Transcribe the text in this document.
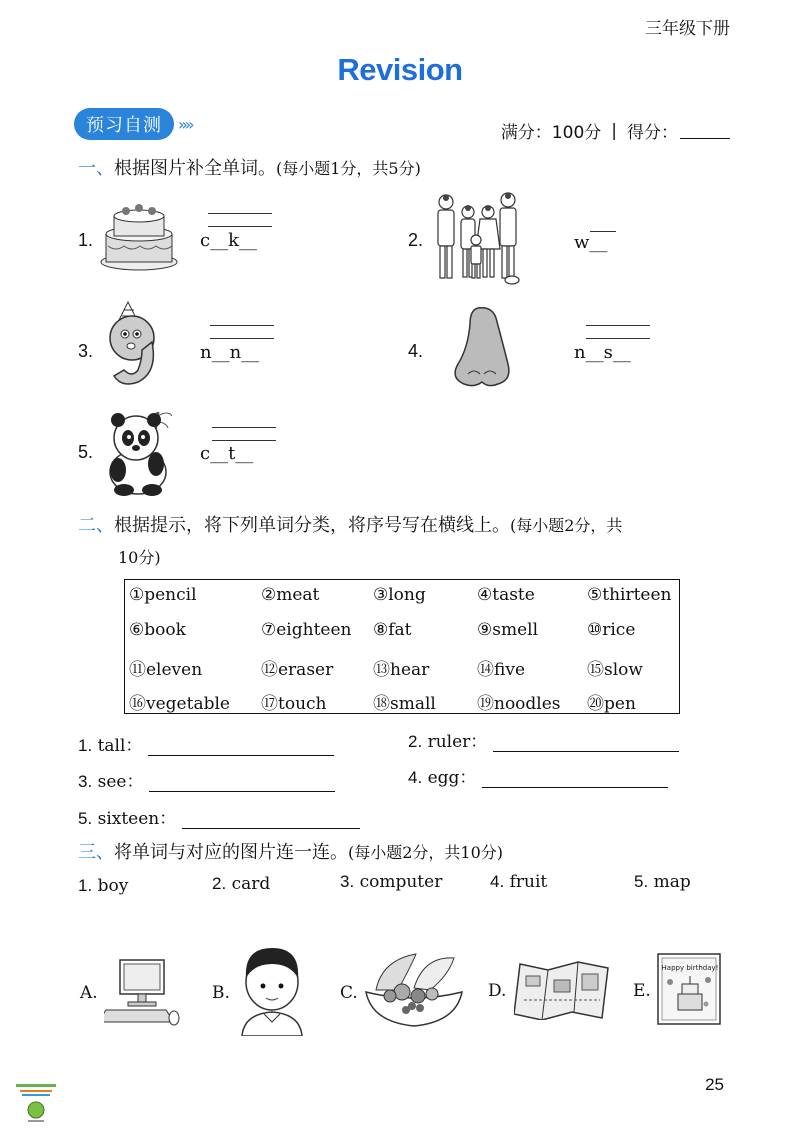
三年级下册
Revision
预习自测	»»	满分：100分 | 得分：
一、根据图片补全单词。(每小题1分，共5分)
1.	c__k__	2.	w__
3.	n__n__	4.	n__s__
5.	c__t__
二、根据提示，将下列单词分类，将序号写在横线上。(每小题2分，共
10分)
①pencil	②meat	③long	④taste	⑤thirteen
⑥book	⑦eighteen ⑧fat	⑨smell	⑩rice
⑪eleven	⑫eraser ⑬hear	⑭five	⑮slow
⑯vegetable ⑰touch	⑱small ⑲noodles ⑳pen
1. tall：	2. ruler：
3. see：	4. egg：
5. sixteen：
三、将单词与对应的图片连一连。(每小题2分，共10分)
1. boy	2. card	3. computer	4. fruit	5. map
A.	B.	C.	D.	E.
Happy birthday!
25
